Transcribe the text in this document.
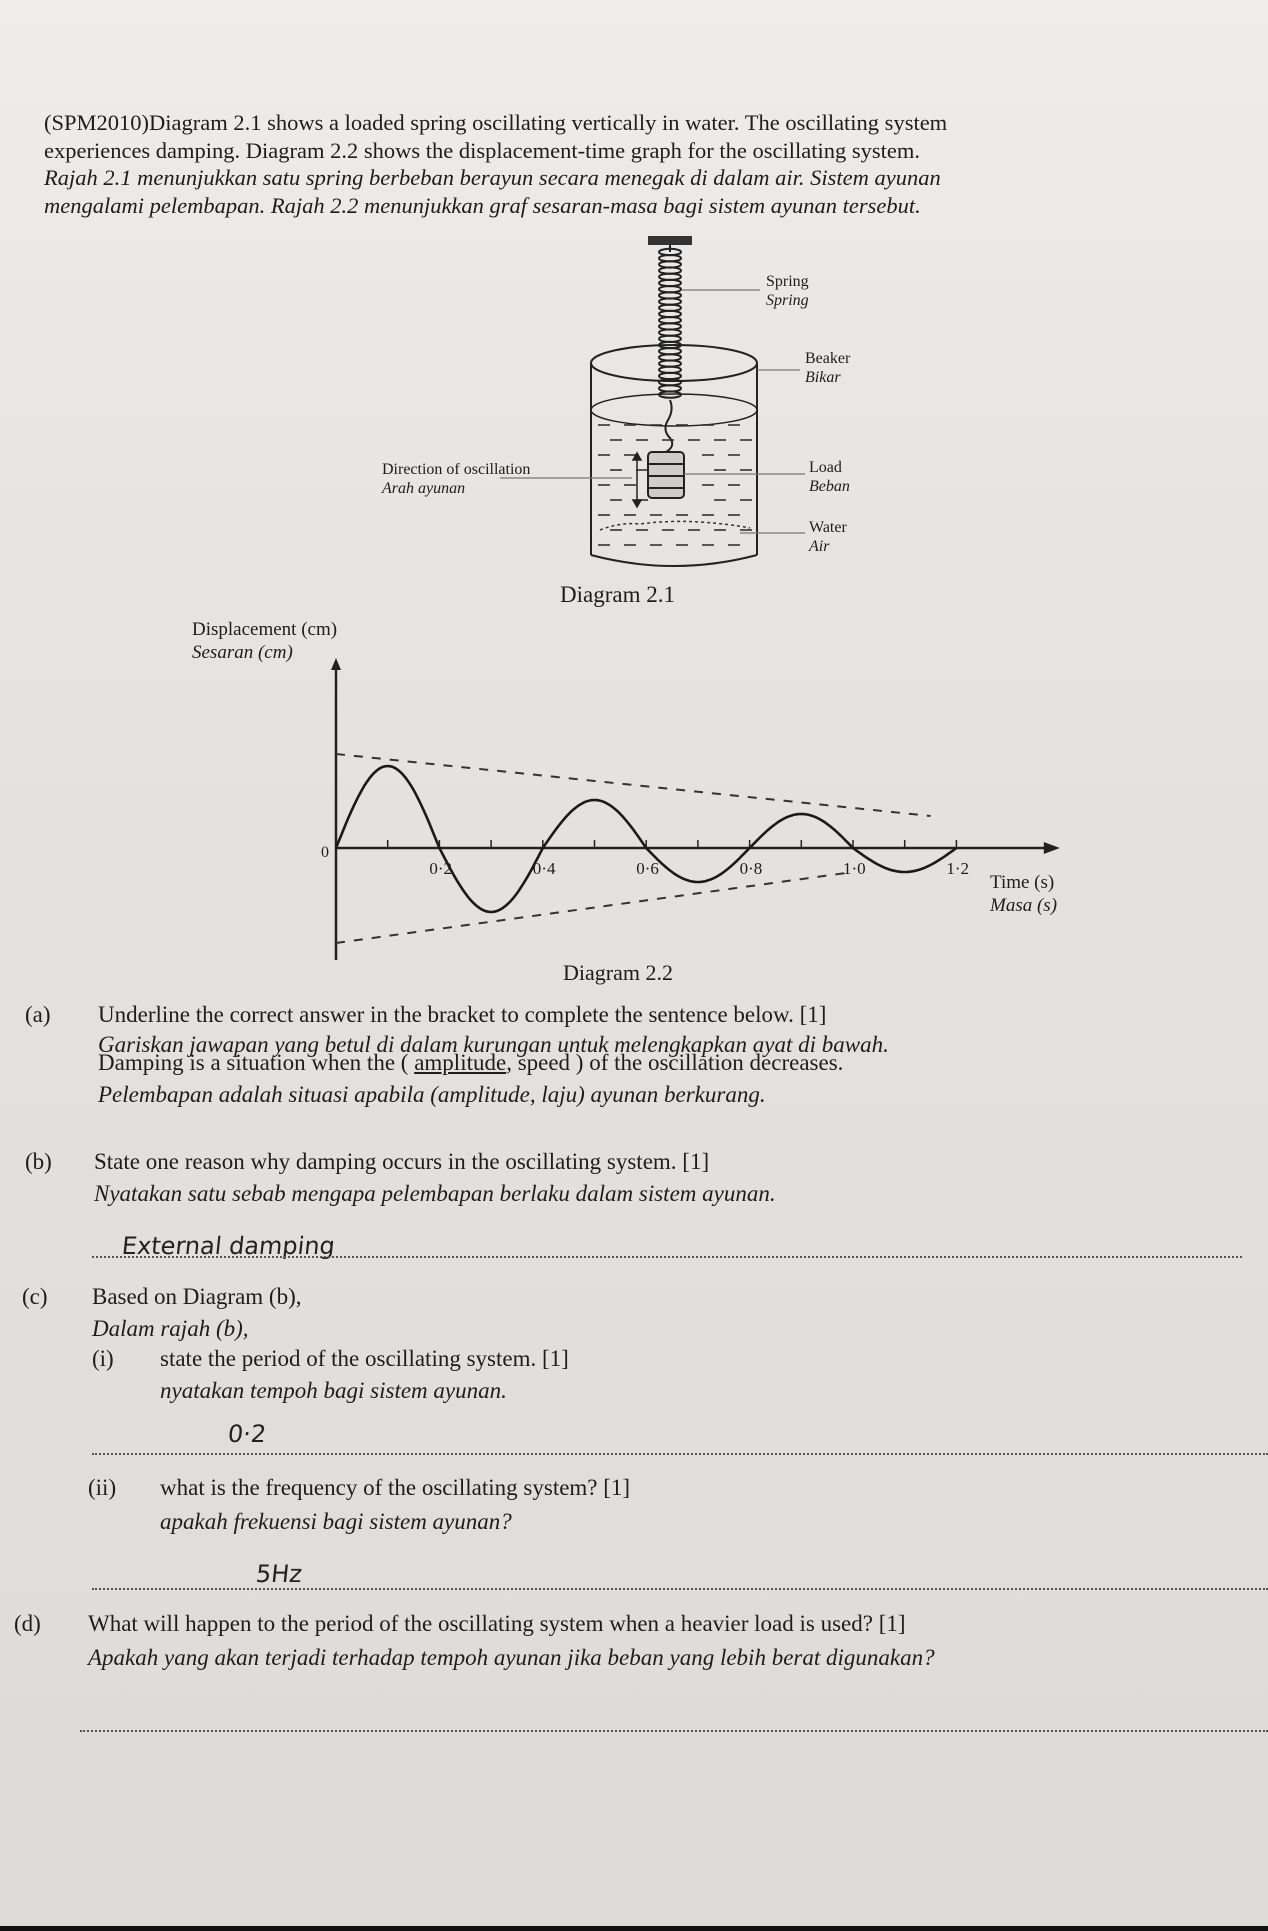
(SPM2010)Diagram 2.1 shows a loaded spring oscillating vertically in water. The oscillating system
experiences damping. Diagram 2.2 shows the displacement-time graph for the oscillating system.
Rajah 2.1 menunjukkan satu spring berbeban berayun secara menegak di dalam air. Sistem ayunan
mengalami pelembapan. Rajah 2.2 menunjukkan graf sesaran-masa bagi sistem ayunan tersebut.
Spring
Spring
Beaker
Bikar
Load
Beban
Water
Air
Direction of oscillation
Arah ayunan
Diagram 2.1
Displacement (cm)
Sesaran (cm)
Time (s)
Masa (s)
0
0·2	0·4	0·6	0·8	1·0	1·2
Diagram 2.2
(a) Underline the correct answer in the bracket to complete the sentence below. [1]
Gariskan jawapan yang betul di dalam kurungan untuk melengkapkan ayat di bawah.
Damping is a situation when the ( amplitude, speed ) of the oscillation decreases.
Pelembapan adalah situasi apabila (amplitude, laju) ayunan berkurang.
(b) State one reason why damping occurs in the oscillating system. [1]
Nyatakan satu sebab mengapa pelembapan berlaku dalam sistem ayunan.
External damping
(c) Based on Diagram (b),
Dalam rajah (b),
(i) state the period of the oscillating system. [1]
nyatakan tempoh bagi sistem ayunan.
0·2
(ii) what is the frequency of the oscillating system? [1]
apakah frekuensi bagi sistem ayunan?
5Hz
(d) What will happen to the period of the oscillating system when a heavier load is used? [1]
Apakah yang akan terjadi terhadap tempoh ayunan jika beban yang lebih berat digunakan?
